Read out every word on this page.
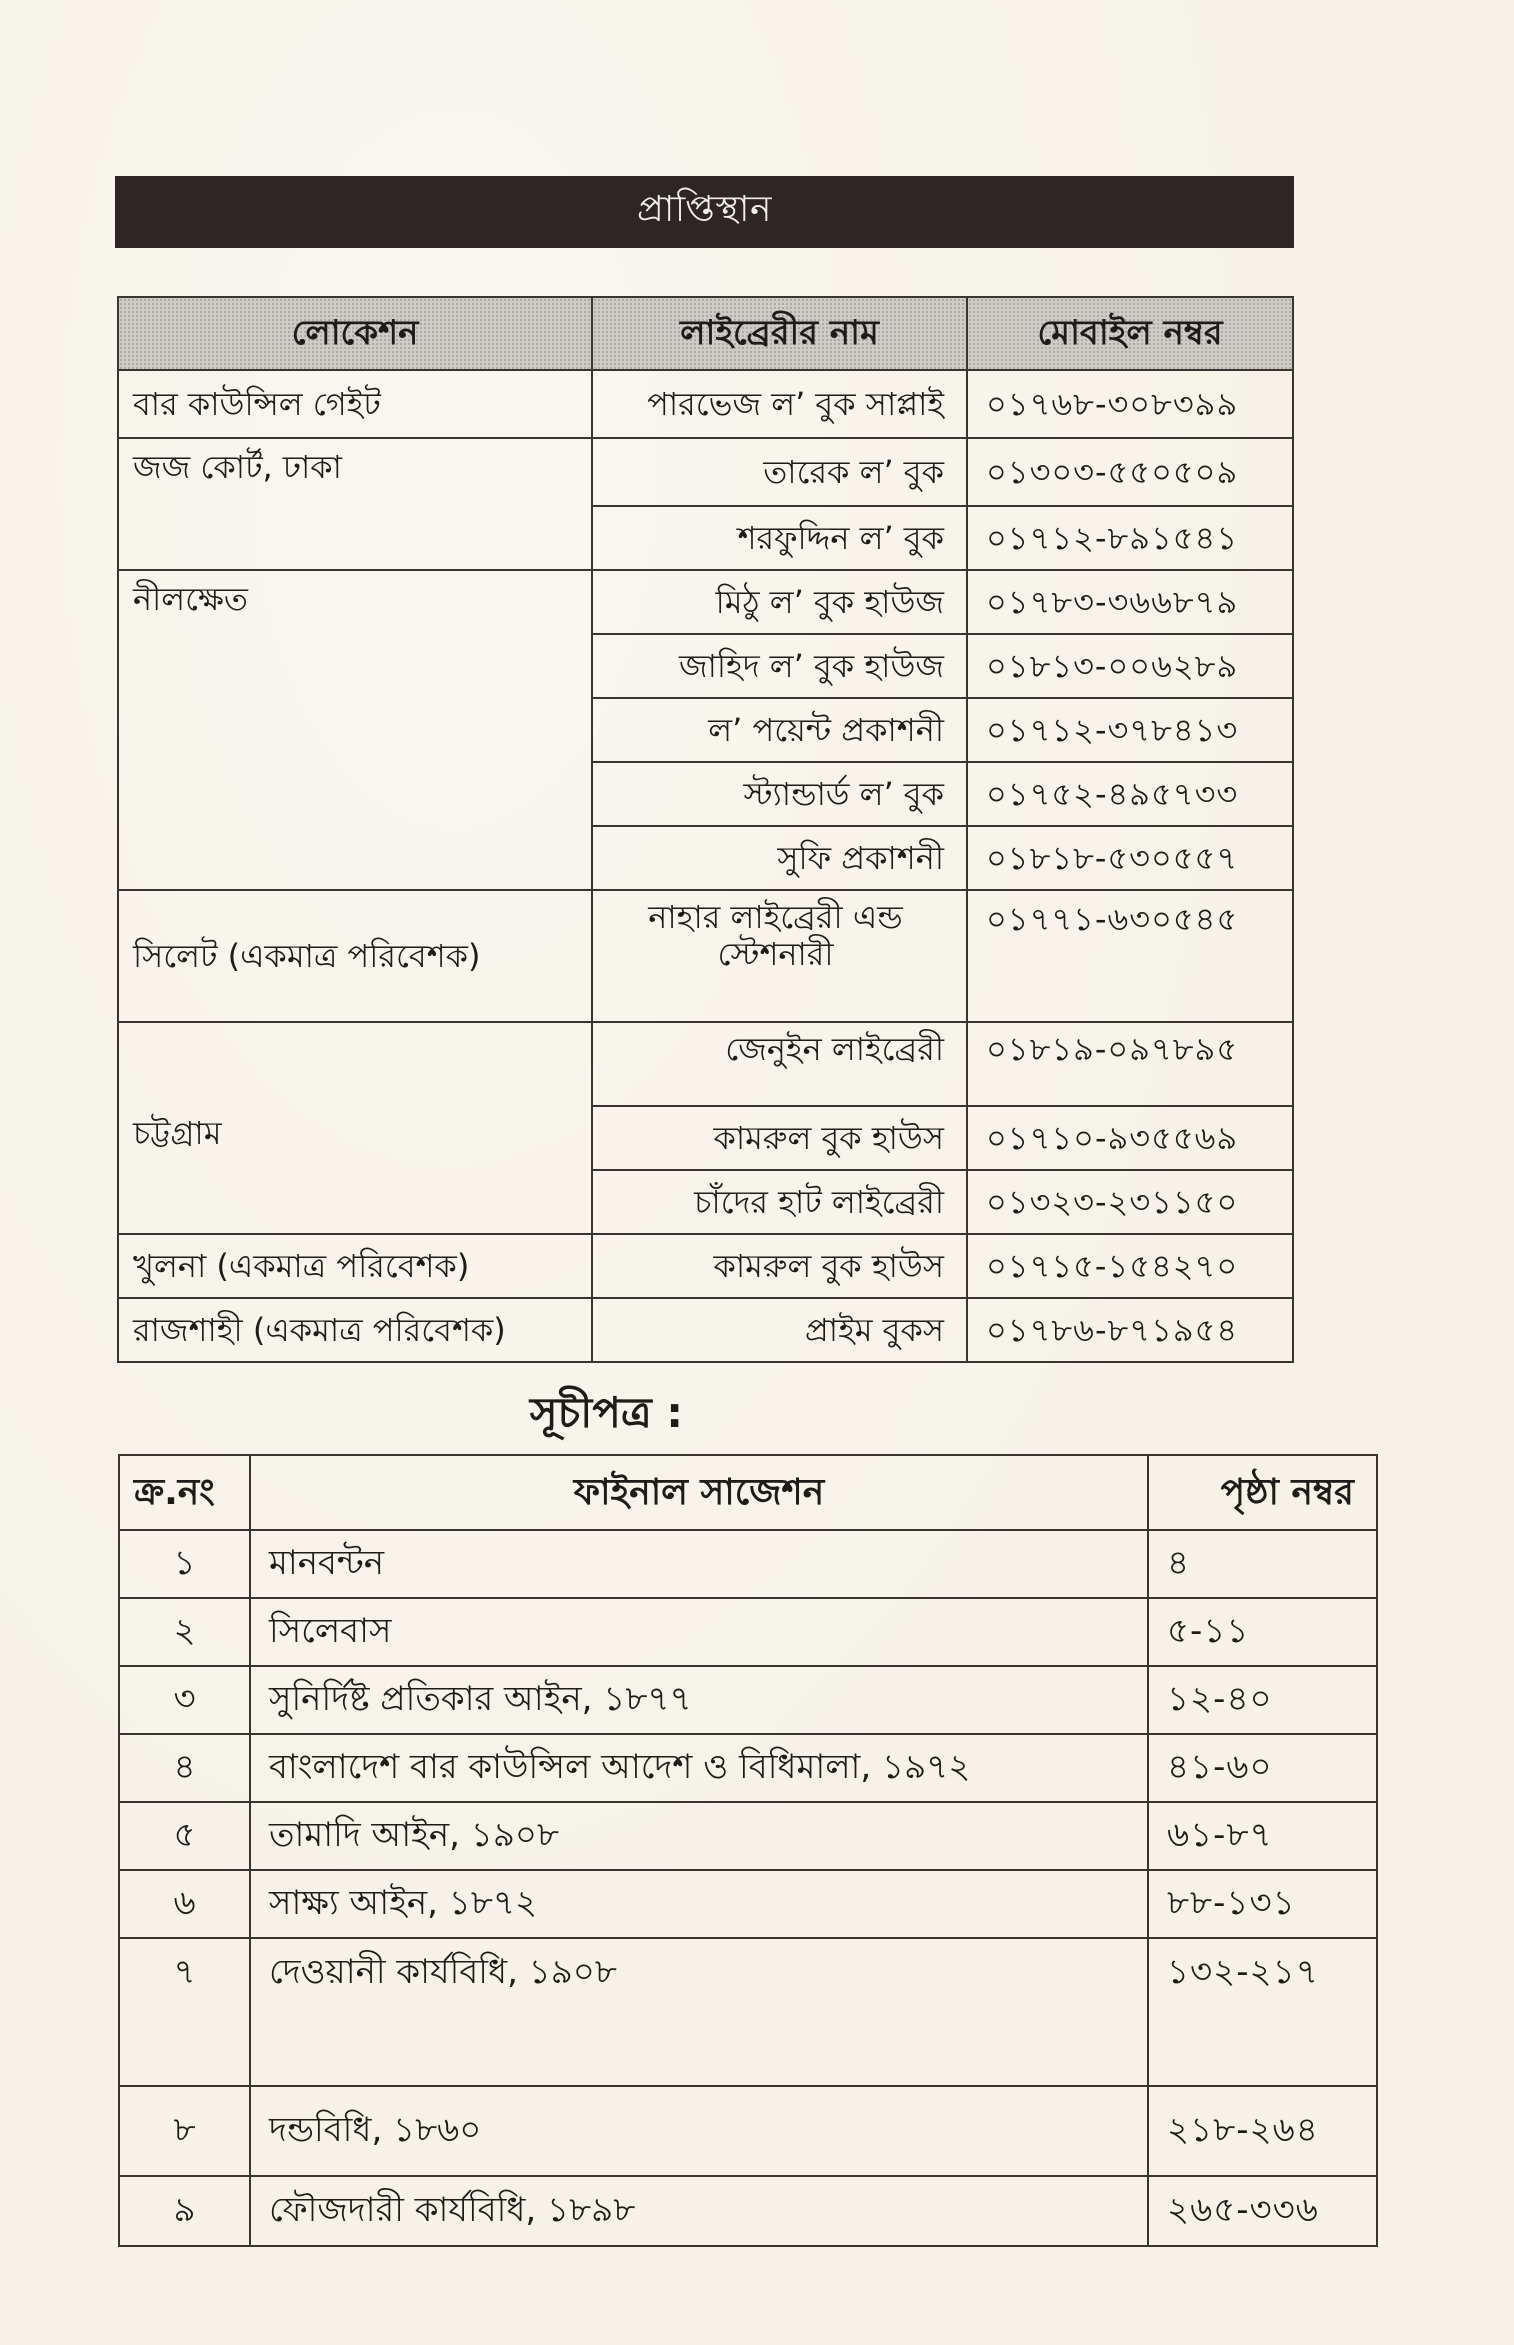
প্রাপ্তিস্থান
লোকেশন	লাইব্রেরীর নাম	মোবাইল নম্বর
বার কাউন্সিল গেইট	পারভেজ ল’ বুক সাপ্লাই	০১৭৬৮-৩০৮৩৯৯
জজ কোর্ট, ঢাকা	তারেক ল’ বুক	০১৩০৩-৫৫০৫০৯
	শরফুদ্দিন ল’ বুক	০১৭১২-৮৯১৫৪১
নীলক্ষেত	মিঠু ল’ বুক হাউজ	০১৭৮৩-৩৬৬৮৭৯
	জাহিদ ল’ বুক হাউজ	০১৮১৩-০০৬২৮৯
	ল’ পয়েন্ট প্রকাশনী	০১৭১২-৩৭৮৪১৩
	স্ট্যান্ডার্ড ল’ বুক	০১৭৫২-৪৯৫৭৩৩
	সুফি প্রকাশনী	০১৮১৮-৫৩০৫৫৭
সিলেট (একমাত্র পরিবেশক)	নাহার লাইব্রেরী এন্ড স্টেশনারী	০১৭৭১-৬৩০৫৪৫
চট্টগ্রাম	জেনুইন লাইব্রেরী	০১৮১৯-০৯৭৮৯৫
	কামরুল বুক হাউস	০১৭১০-৯৩৫৫৬৯
	চাঁদের হাট লাইব্রেরী	০১৩২৩-২৩১১৫০
খুলনা (একমাত্র পরিবেশক)	কামরুল বুক হাউস	০১৭১৫-১৫৪২৭০
রাজশাহী (একমাত্র পরিবেশক)	প্রাইম বুকস	০১৭৮৬-৮৭১৯৫৪
সূচীপত্র :
ক্র.নং	ফাইনাল সাজেশন	পৃষ্ঠা নম্বর
১	মানবন্টন	৪
২	সিলেবাস	৫-১১
৩	সুনির্দিষ্ট প্রতিকার আইন, ১৮৭৭	১২-৪০
৪	বাংলাদেশ বার কাউন্সিল আদেশ ও বিধিমালা, ১৯৭২	৪১-৬০
৫	তামাদি আইন, ১৯০৮	৬১-৮৭
৬	সাক্ষ্য আইন, ১৮৭২	৮৮-১৩১
৭	দেওয়ানী কার্যবিধি, ১৯০৮	১৩২-২১৭
৮	দন্ডবিধি, ১৮৬০	২১৮-২৬৪
৯	ফৌজদারী কার্যবিধি, ১৮৯৮	২৬৫-৩৩৬
